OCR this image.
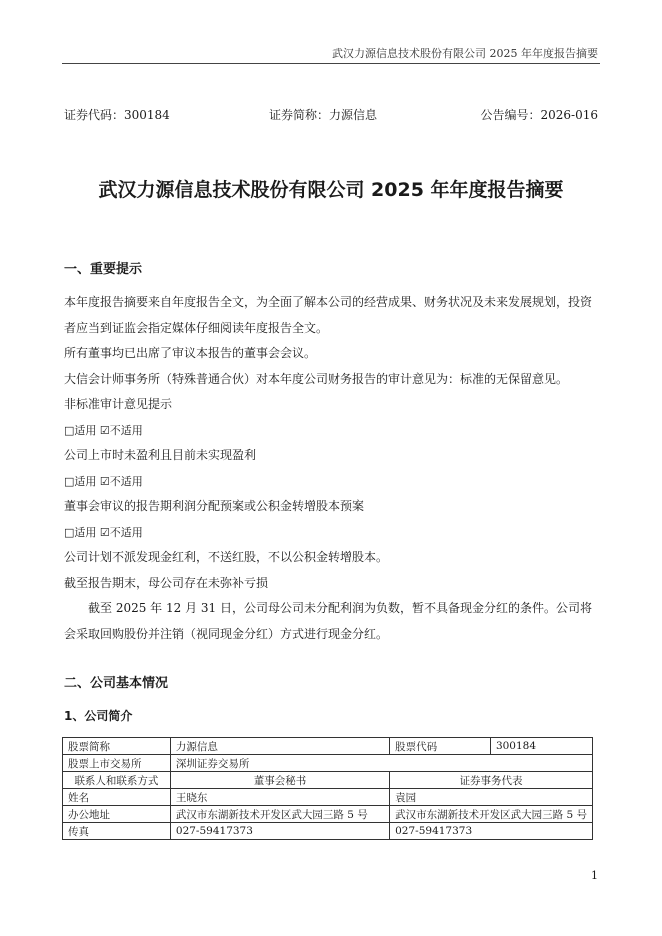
武汉力源信息技术股份有限公司 2025 年年度报告摘要
证券代码：300184	证券简称：力源信息	公告编号：2026-016
武汉力源信息技术股份有限公司 2025 年年度报告摘要
一、重要提示

本年度报告摘要来自年度报告全文，为全面了解本公司的经营成果、财务状况及未来发展规划，投资者应当到证监会指定媒体仔细阅读年度报告全文。

所有董事均已出席了审议本报告的董事会会议。

大信会计师事务所（特殊普通合伙）对本年度公司财务报告的审计意见为：标准的无保留意见。

非标准审计意见提示

□适用 ☑不适用

公司上市时未盈利且目前未实现盈利

□适用 ☑不适用

董事会审议的报告期利润分配预案或公积金转增股本预案

□适用 ☑不适用

公司计划不派发现金红利，不送红股，不以公积金转增股本。

截至报告期末，母公司存在未弥补亏损

截至 2025 年 12 月 31 日，公司母公司未分配利润为负数，暂不具备现金分红的条件。公司将会采取回购股份并注销（视同现金分红）方式进行现金分红。

二、公司基本情况
1、公司简介
股票简称	力源信息	股票代码	300184
股票上市交易所	深圳证券交易所		
联系人和联系方式	董事会秘书	证券事务代表	
姓名	王晓东	袁园	
办公地址	武汉市东湖新技术开发区武大园三路 5 号	武汉市东湖新技术开发区武大园三路 5 号	
传真	027-59417373	027-59417373	
1
